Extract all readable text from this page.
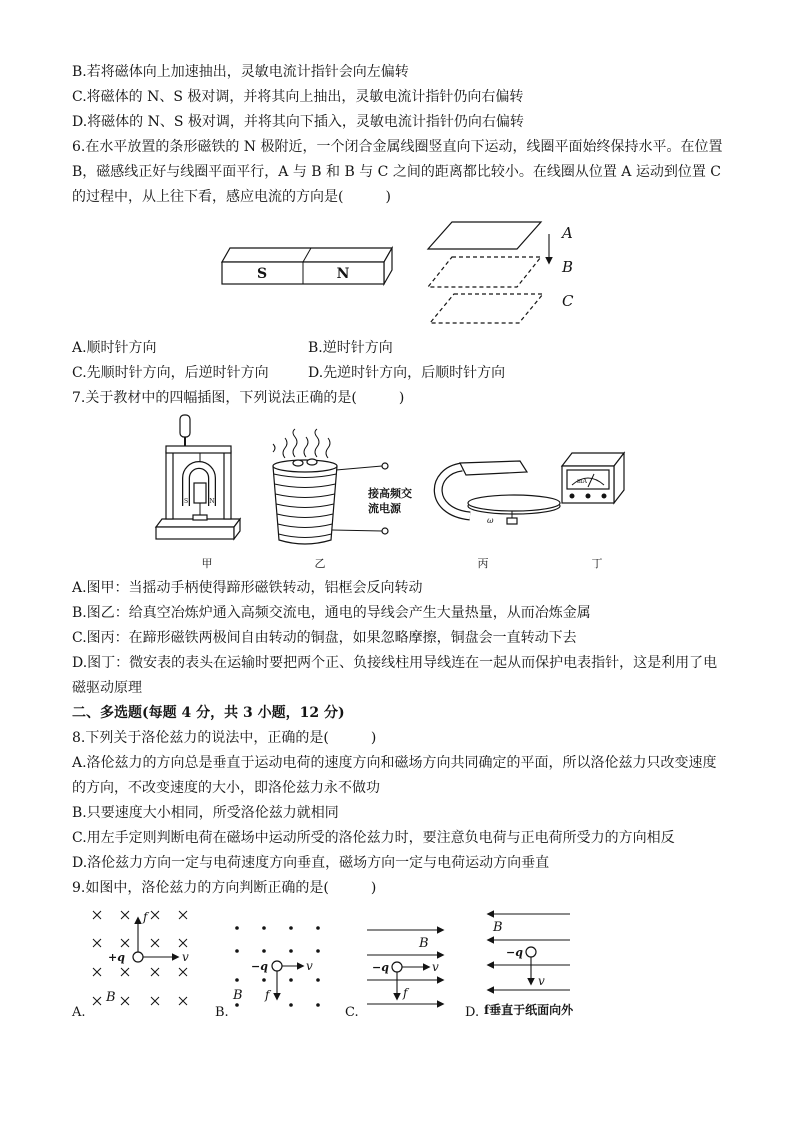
B.若将磁体向上加速抽出，灵敏电流计指针会向左偏转
C.将磁体的 N、S 极对调，并将其向上抽出，灵敏电流计指针仍向右偏转
D.将磁体的 N、S 极对调，并将其向下插入，灵敏电流计指针仍向右偏转
6.在水平放置的条形磁铁的 N 极附近，一个闭合金属线圈竖直向下运动，线圈平面始终保持水平。在位置
B，磁感线正好与线圈平面平行，A 与 B 和 B 与 C 之间的距离都比较小。在线圈从位置 A 运动到位置 C
的过程中，从上往下看，感应电流的方向是(　　　)
S	N
A
B
C
A.顺时针方向	B.逆时针方向
C.先顺时针方向，后逆时针方向	D.先逆时针方向，后顺时针方向
7.关于教材中的四幅插图，下列说法正确的是(　　　)
S	N
接高频交
流电源
ω
mA
甲	乙	丙	丁
A.图甲：当摇动手柄使得蹄形磁铁转动，铝框会反向转动
B.图乙：给真空冶炼炉通入高频交流电，通电的导线会产生大量热量，从而冶炼金属
C.图丙：在蹄形磁铁两极间自由转动的铜盘，如果忽略摩擦，铜盘会一直转动下去
D.图丁：微安表的表头在运输时要把两个正、负接线柱用导线连在一起从而保护电表指针，这是利用了电
磁驱动原理
二、多选题(每题 4 分，共 3 小题，12 分)
8.下列关于洛伦兹力的说法中，正确的是(　　　)
A.洛伦兹力的方向总是垂直于运动电荷的速度方向和磁场方向共同确定的平面，所以洛伦兹力只改变速度
的方向，不改变速度的大小，即洛伦兹力永不做功
B.只要速度大小相同，所受洛伦兹力就相同
C.用左手定则判断电荷在磁场中运动所受的洛伦兹力时，要注意负电荷与正电荷所受力的方向相反
D.洛伦兹力方向一定与电荷速度方向垂直，磁场方向一定与电荷运动方向垂直
9.如图中，洛伦兹力的方向判断正确的是(　　　)
+q	v
f
B
A.
−q	v
f
B
B.
B
−q	v
f
C.
B
−q
v
f垂直于纸面向外
D.
